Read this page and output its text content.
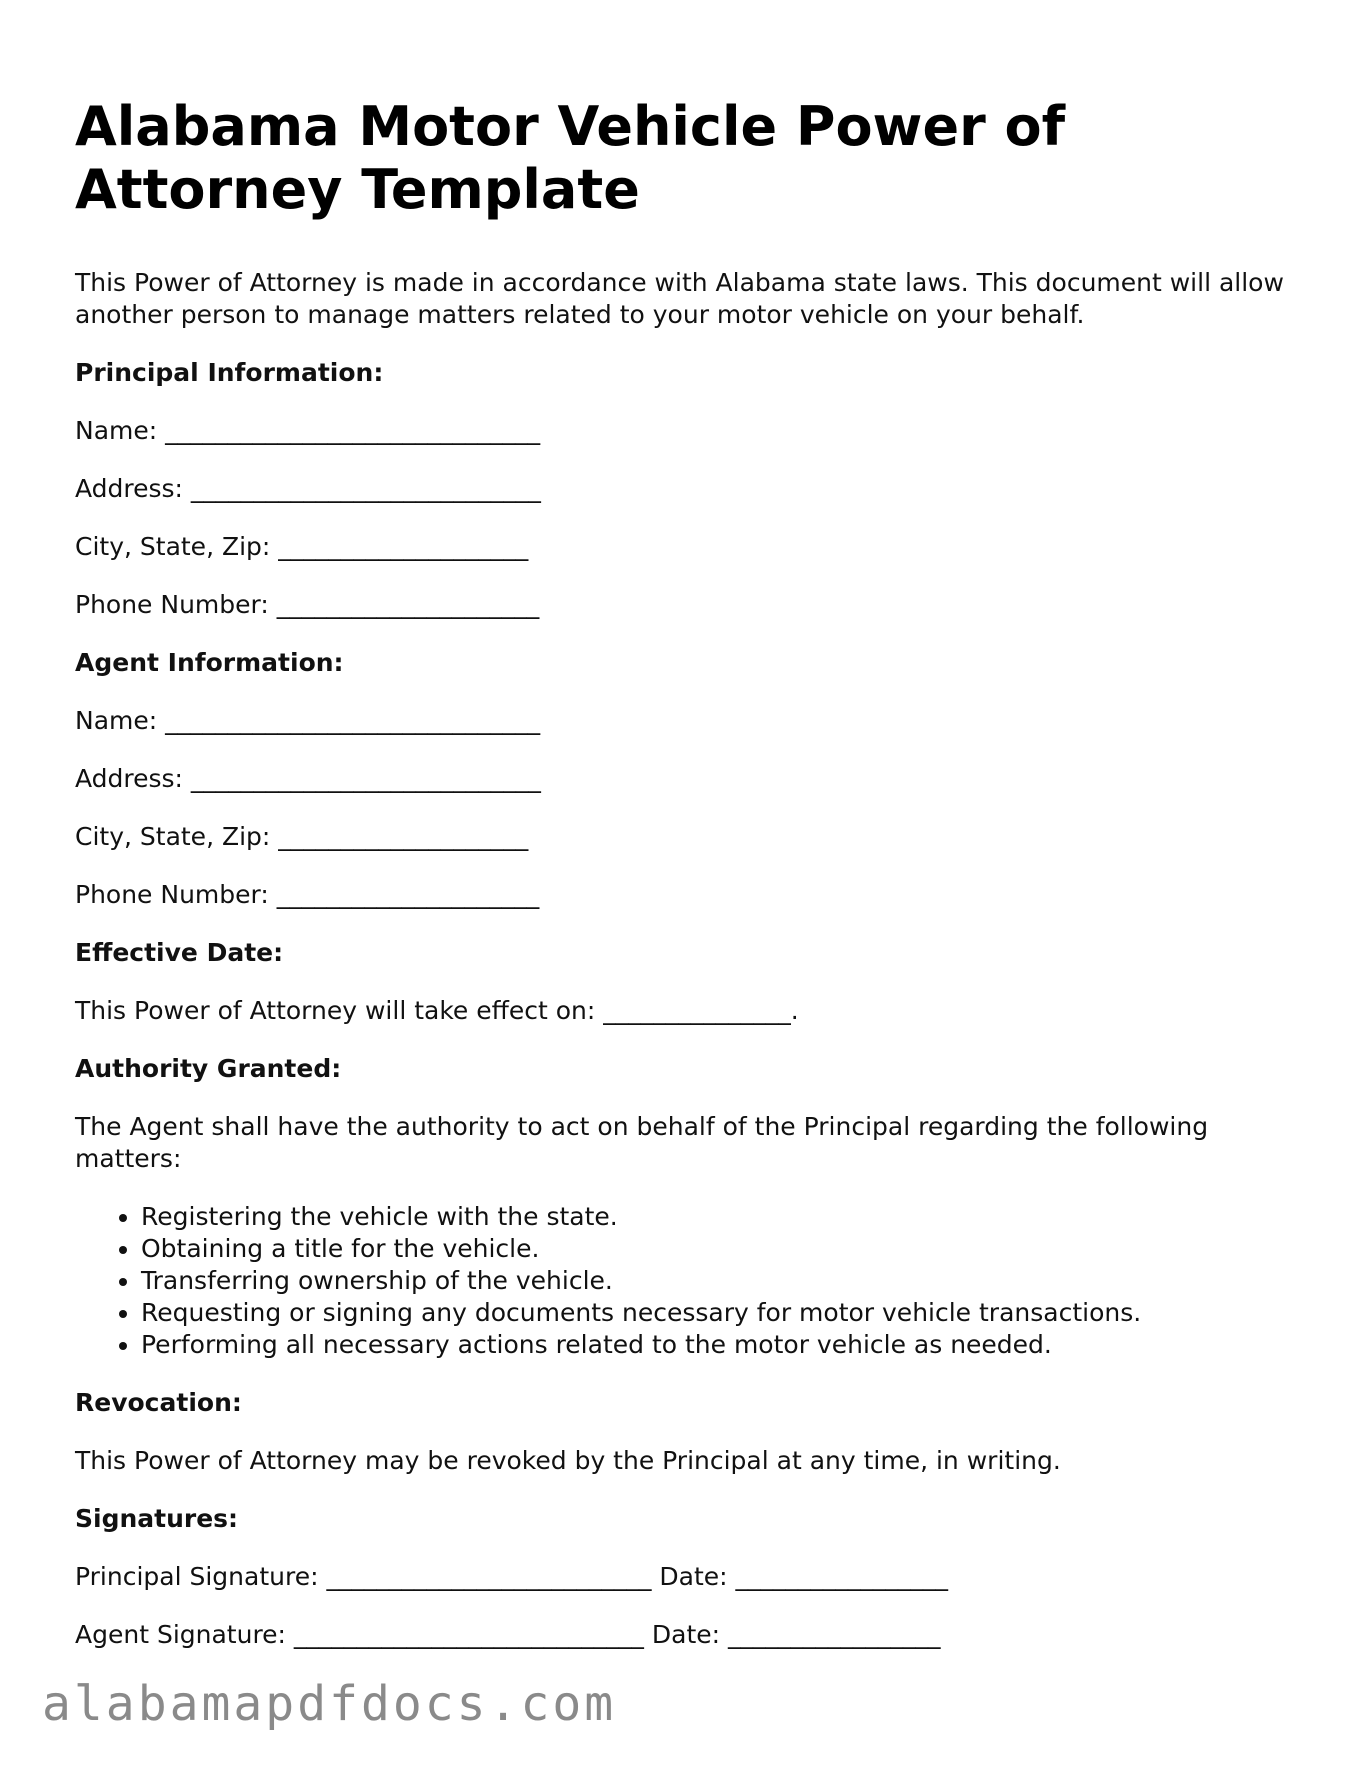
Alabama Motor Vehicle Power of Attorney Template

This Power of Attorney is made in accordance with Alabama state laws. This document will allow another person to manage matters related to your motor vehicle on your behalf.

Principal Information:

Name: ______________________________

Address: ____________________________

City, State, Zip: ____________________

Phone Number: _____________________

Agent Information:

Name: ______________________________

Address: ____________________________

City, State, Zip: ____________________

Phone Number: _____________________

Effective Date:

This Power of Attorney will take effect on: _______________.

Authority Granted:

The Agent shall have the authority to act on behalf of the Principal regarding the following matters:

• Registering the vehicle with the state.
• Obtaining a title for the vehicle.
• Transferring ownership of the vehicle.
• Requesting or signing any documents necessary for motor vehicle transactions.
• Performing all necessary actions related to the motor vehicle as needed.

Revocation:

This Power of Attorney may be revoked by the Principal at any time, in writing.

Signatures:

Principal Signature: __________________________ Date: _________________

Agent Signature: ____________________________ Date: _________________

alabamapdfdocs.com
